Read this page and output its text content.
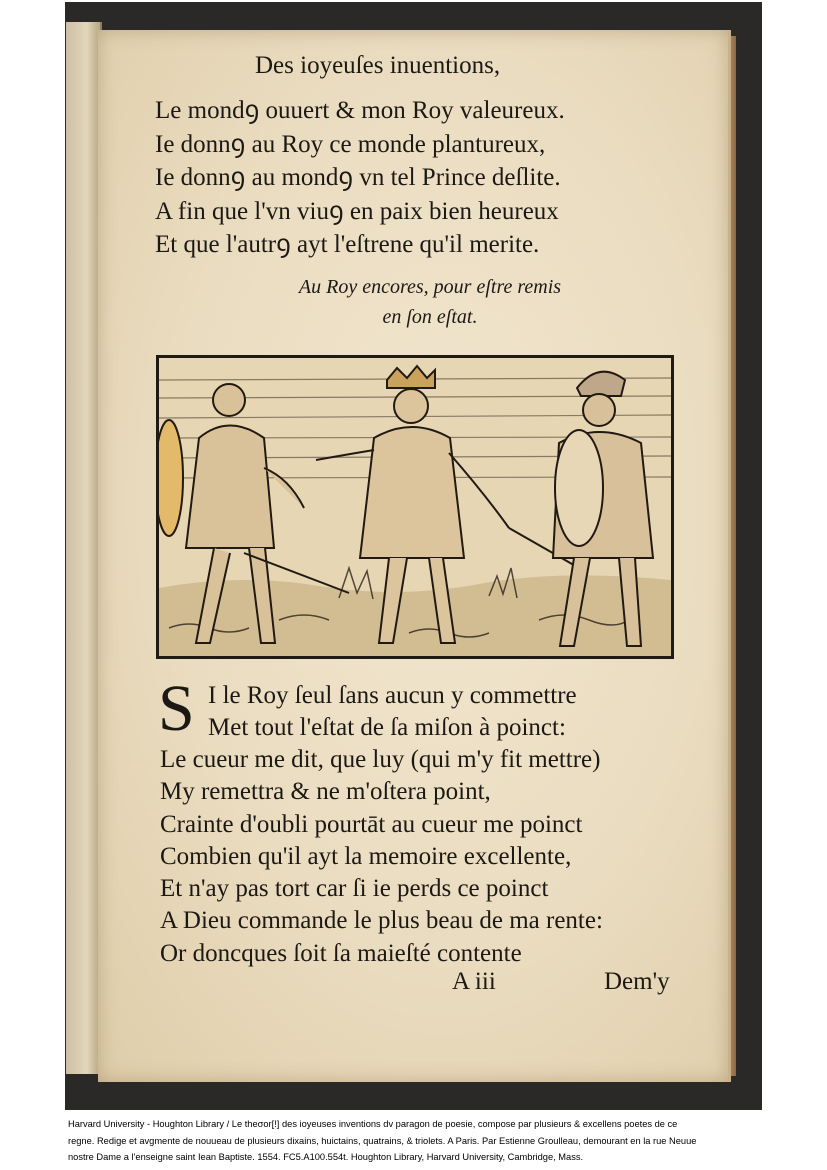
Des ioyeuſes inuentions,
Le mondꝯ ouuert & mon Roy valeureux.
Ie donnꝯ au Roy ce monde plantureux,
Ie donnꝯ au mondꝯ vn tel Prince deſlite.
A fin que l'vn viuꝯ en paix bien heureux
Et que l'autrꝯ ayt l'eſtrene qu'il merite.
Au Roy encores, pour eſtre remis
en ſon eſtat.
S I le Roy ſeul ſans aucun y commettre
Met tout l'eſtat de ſa miſon à poinct:
Le cueur me dit, que luy (qui m'y fit mettre)
My remettra & ne m'oſtera point,
Crainte d'oubli pourtāt au cueur me poinct
Combien qu'il ayt la memoire excellente,
Et n'ay pas tort car ſi ie perds ce poinct
A Dieu commande le plus beau de ma rente:
Or doncques ſoit ſa maieſté contente
A iii	Dem'y
Harvard University - Houghton Library / Le theσor[!] des ioyeuses inventions dv paragon de poesie, compose par plusieurs & excellens poetes de ce
regne. Redige et avgmente de nouueau de plusieurs dixains, huictains, quatrains, & triolets. A Paris. Par Estienne Groulleau, demourant en la rue Neuue
nostre Dame a l'enseigne saint Iean Baptiste. 1554. FC5.A100.554t. Houghton Library, Harvard University, Cambridge, Mass.
